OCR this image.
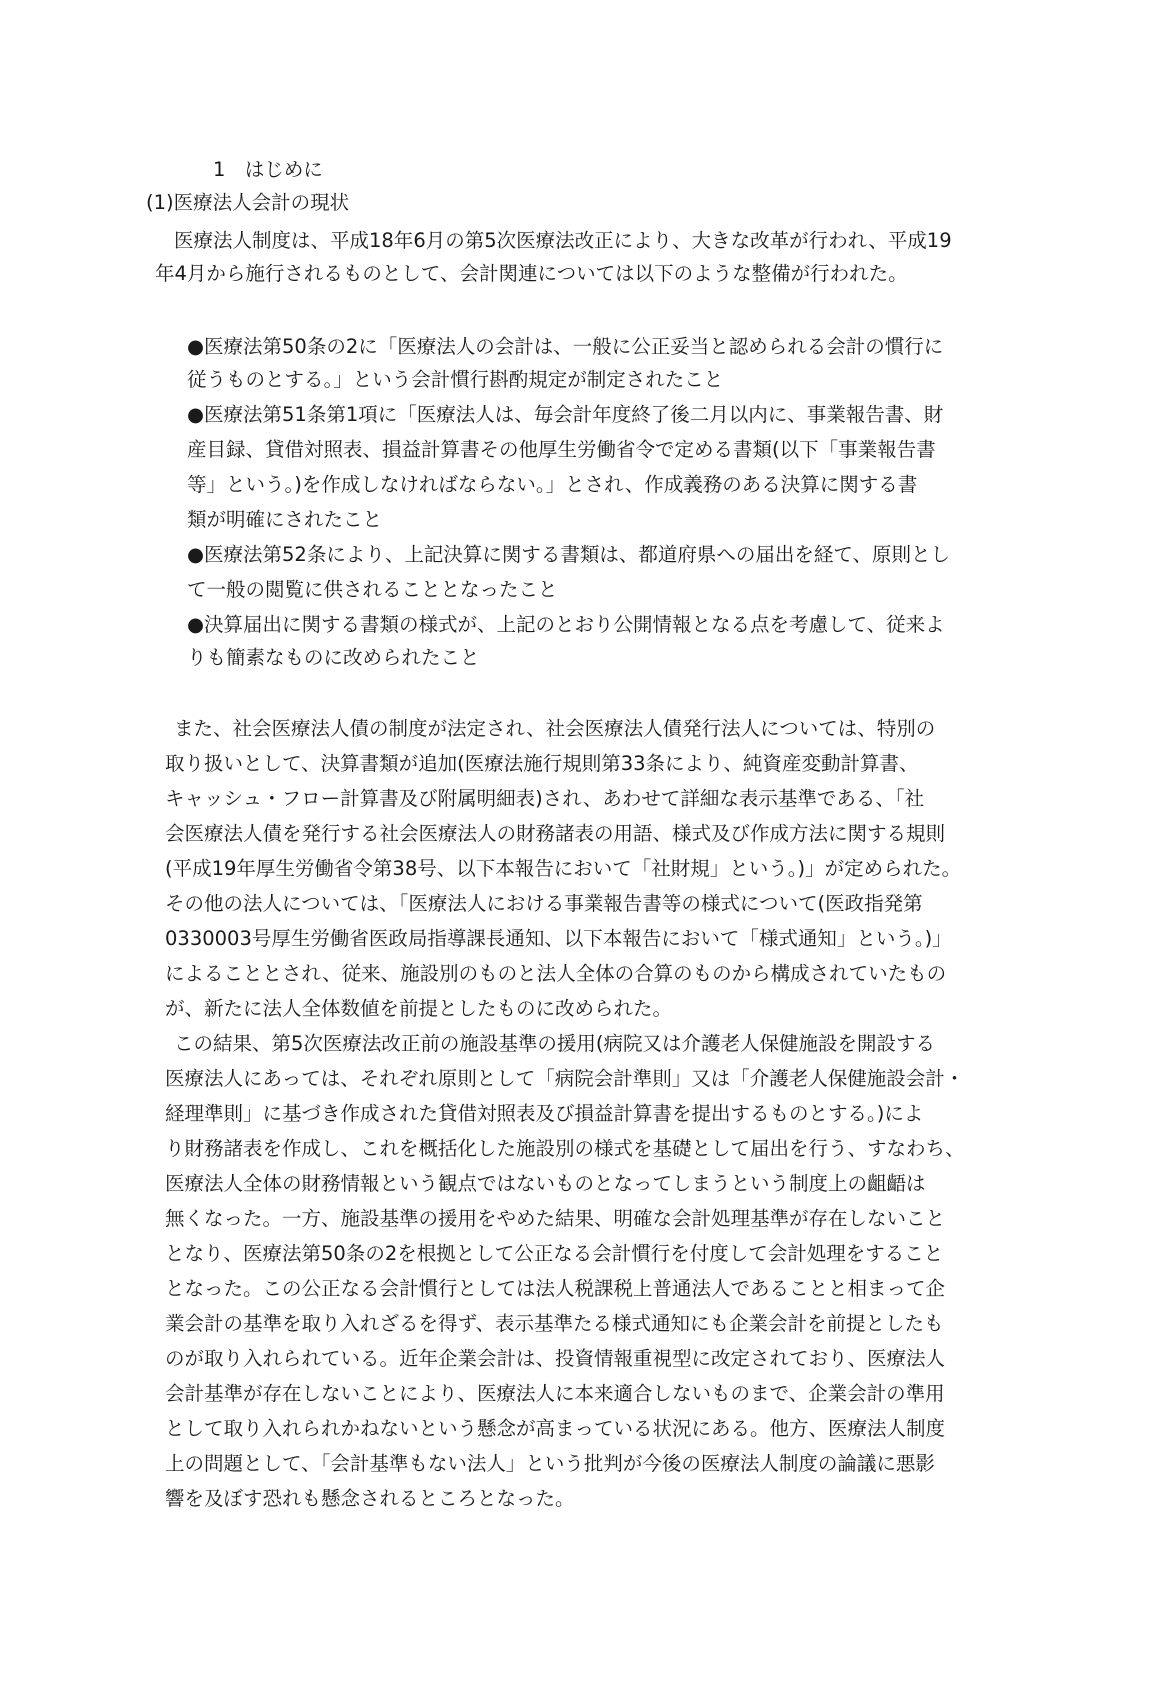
1　はじめに
(1)医療法人会計の現状
医療法人制度は、平成18年6月の第5次医療法改正により、大きな改革が行われ、平成19
年4月から施行されるものとして、会計関連については以下のような整備が行われた。
●医療法第50条の2に「医療法人の会計は、一般に公正妥当と認められる会計の慣行に
従うものとする。」という会計慣行斟酌規定が制定されたこと
●医療法第51条第1項に「医療法人は、毎会計年度終了後二月以内に、事業報告書、財
産目録、貸借対照表、損益計算書その他厚生労働省令で定める書類(以下「事業報告書
等」という。)を作成しなければならない。」とされ、作成義務のある決算に関する書
類が明確にされたこと
●医療法第52条により、上記決算に関する書類は、都道府県への届出を経て、原則とし
て一般の閲覧に供されることとなったこと
●決算届出に関する書類の様式が、上記のとおり公開情報となる点を考慮して、従来よ
りも簡素なものに改められたこと
また、社会医療法人債の制度が法定され、社会医療法人債発行法人については、特別の
取り扱いとして、決算書類が追加(医療法施行規則第33条により、純資産変動計算書、
キャッシュ・フロー計算書及び附属明細表)され、あわせて詳細な表示基準である、「社
会医療法人債を発行する社会医療法人の財務諸表の用語、様式及び作成方法に関する規則
(平成19年厚生労働省令第38号、以下本報告において「社財規」という。)」が定められた。
その他の法人については、「医療法人における事業報告書等の様式について(医政指発第
0330003号厚生労働省医政局指導課長通知、以下本報告において「様式通知」という。)」
によることとされ、従来、施設別のものと法人全体の合算のものから構成されていたもの
が、新たに法人全体数値を前提としたものに改められた。
この結果、第5次医療法改正前の施設基準の援用(病院又は介護老人保健施設を開設する
医療法人にあっては、それぞれ原則として「病院会計準則」又は「介護老人保健施設会計・
経理準則」に基づき作成された貸借対照表及び損益計算書を提出するものとする。)によ
り財務諸表を作成し、これを概括化した施設別の様式を基礎として届出を行う、すなわち、
医療法人全体の財務情報という観点ではないものとなってしまうという制度上の齟齬は
無くなった。一方、施設基準の援用をやめた結果、明確な会計処理基準が存在しないこと
となり、医療法第50条の2を根拠として公正なる会計慣行を付度して会計処理をすること
となった。この公正なる会計慣行としては法人税課税上普通法人であることと相まって企
業会計の基準を取り入れざるを得ず、表示基準たる様式通知にも企業会計を前提としたも
のが取り入れられている。近年企業会計は、投資情報重視型に改定されており、医療法人
会計基準が存在しないことにより、医療法人に本来適合しないものまで、企業会計の準用
として取り入れられかねないという懸念が高まっている状況にある。他方、医療法人制度
上の問題として、「会計基準もない法人」という批判が今後の医療法人制度の論議に悪影
響を及ぼす恐れも懸念されるところとなった。
